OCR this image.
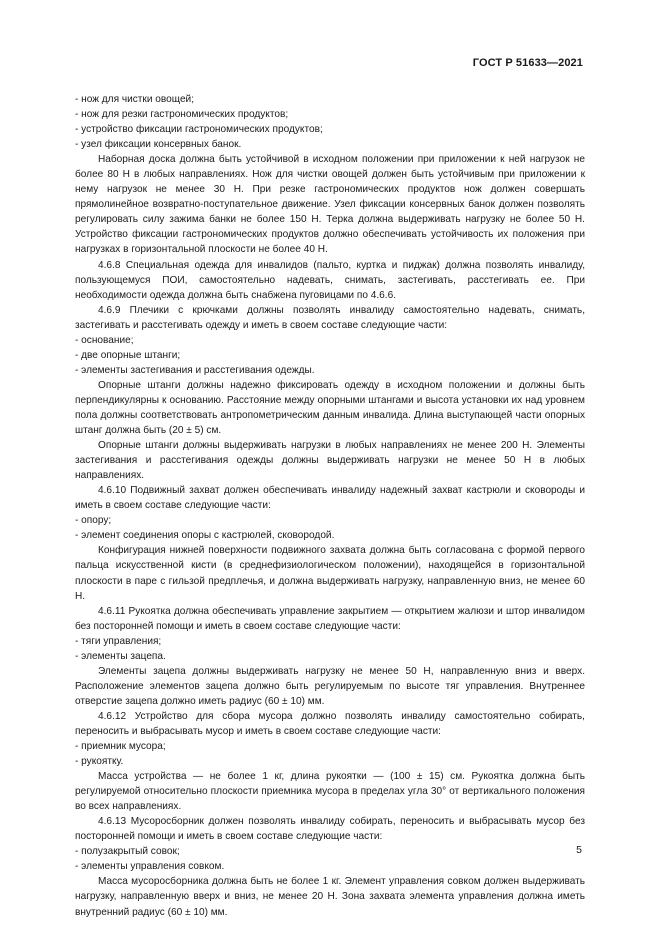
ГОСТ Р 51633—2021

- нож для чистки овощей;

- нож для резки гастрономических продуктов;

- устройство фиксации гастрономических продуктов;

- узел фиксации консервных банок.

Наборная доска должна быть устойчивой в исходном положении при приложении к ней нагрузок не более 80 Н в любых направлениях. Нож для чистки овощей должен быть устойчивым при приложении к нему нагрузок не менее 30 Н. При резке гастрономических продуктов нож должен совершать прямолинейное возвратно-поступательное движение. Узел фиксации консервных банок должен позволять регулировать силу зажима банки не более 150 Н. Терка должна выдерживать нагрузку не более 50 Н. Устройство фиксации гастрономических продуктов должно обеспечивать устойчивость их положения при нагрузках в горизонтальной плоскости не более 40 Н.

4.6.8 Специальная одежда для инвалидов (пальто, куртка и пиджак) должна позволять инвалиду, пользующемуся ПОИ, самостоятельно надевать, снимать, застегивать, расстегивать ее. При необходимости одежда должна быть снабжена пуговицами по 4.6.6.

4.6.9 Плечики с крючками должны позволять инвалиду самостоятельно надевать, снимать, застегивать и расстегивать одежду и иметь в своем составе следующие части:

- основание;

- две опорные штанги;

- элементы застегивания и расстегивания одежды.

Опорные штанги должны надежно фиксировать одежду в исходном положении и должны быть перпендикулярны к основанию. Расстояние между опорными штангами и высота установки их над уровнем пола должны соответствовать антропометрическим данным инвалида. Длина выступающей части опорных штанг должна быть (20 ± 5) см.

Опорные штанги должны выдерживать нагрузки в любых направлениях не менее 200 Н. Элементы застегивания и расстегивания одежды должны выдерживать нагрузки не менее 50 Н в любых направлениях.

4.6.10 Подвижный захват должен обеспечивать инвалиду надежный захват кастрюли и сковороды и иметь в своем составе следующие части:

- опору;

- элемент соединения опоры с кастрюлей, сковородой.

Конфигурация нижней поверхности подвижного захвата должна быть согласована с формой первого пальца искусственной кисти (в среднефизиологическом положении), находящейся в горизонтальной плоскости в паре с гильзой предплечья, и должна выдерживать нагрузку, направленную вниз, не менее 60 Н.

4.6.11 Рукоятка должна обеспечивать управление закрытием — открытием жалюзи и штор инвалидом без посторонней помощи и иметь в своем составе следующие части:

- тяги управления;

- элементы зацепа.

Элементы зацепа должны выдерживать нагрузку не менее 50 Н, направленную вниз и вверх. Расположение элементов зацепа должно быть регулируемым по высоте тяг управления. Внутреннее отверстие зацепа должно иметь радиус (60 ± 10) мм.

4.6.12 Устройство для сбора мусора должно позволять инвалиду самостоятельно собирать, переносить и выбрасывать мусор и иметь в своем составе следующие части:

- приемник мусора;

- рукоятку.

Масса устройства — не более 1 кг, длина рукоятки — (100 ± 15) см. Рукоятка должна быть регулируемой относительно плоскости приемника мусора в пределах угла 30° от вертикального положения во всех направлениях.

4.6.13 Мусоросборник должен позволять инвалиду собирать, переносить и выбрасывать мусор без посторонней помощи и иметь в своем составе следующие части:

- полузакрытый совок;

- элементы управления совком.

Масса мусоросборника должна быть не более 1 кг. Элемент управления совком должен выдерживать нагрузку, направленную вверх и вниз, не менее 20 Н. Зона захвата элемента управления должна иметь внутренний радиус (60 ± 10) мм.

5
